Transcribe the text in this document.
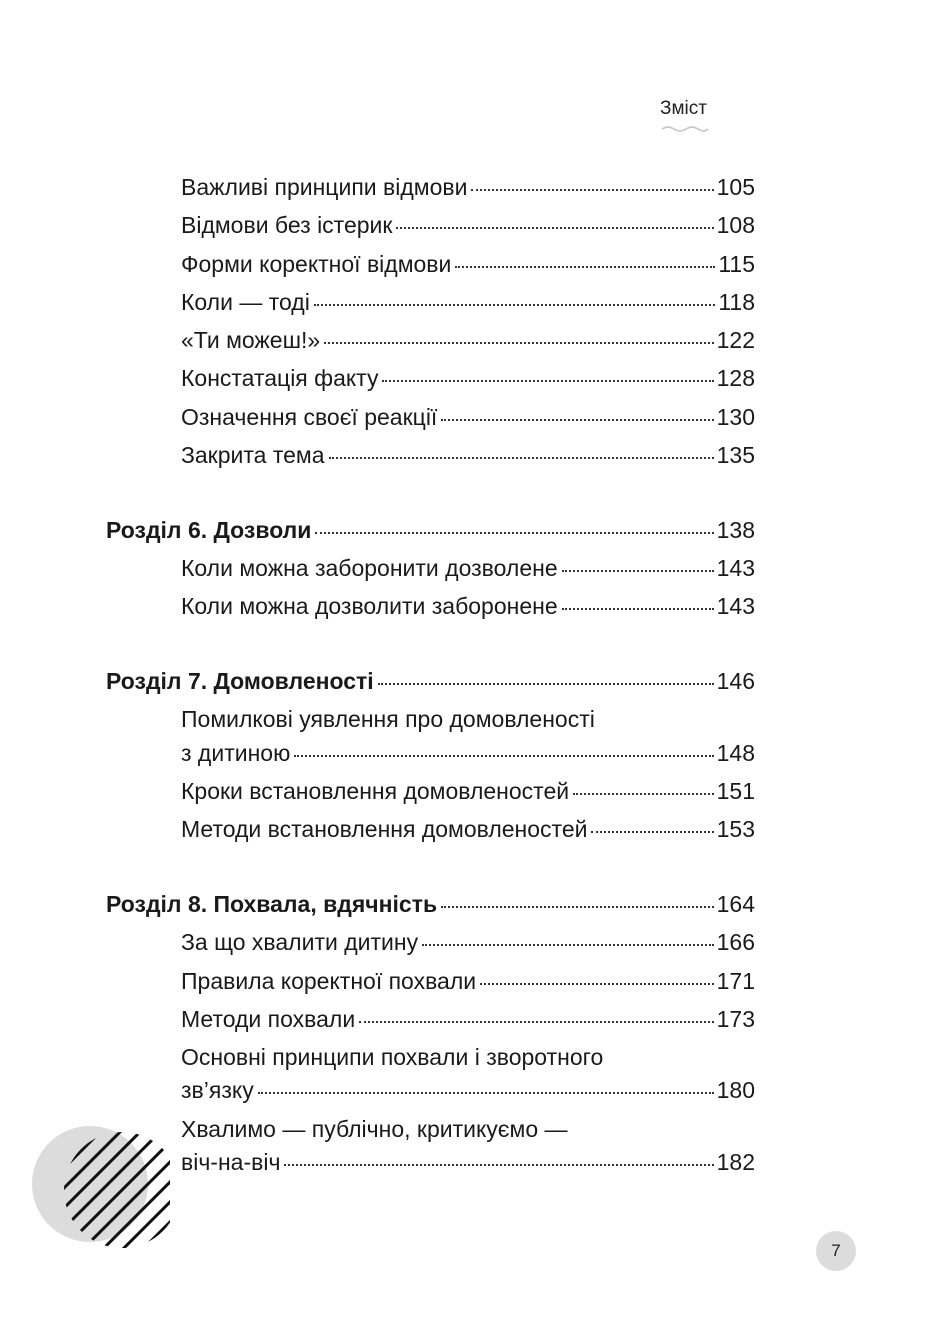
Зміст
Важливі принципи відмови	105
Відмови без істерик	108
Форми коректної відмови	115
Коли — тоді	118
«Ти можеш!»	122
Констатація факту	128
Означення своєї реакції	130
Закрита тема	135
Розділ 6. Дозволи	138
Коли можна заборонити дозволене	143
Коли можна дозволити заборонене	143
Розділ 7. Домовленості	146
Помилкові уявлення про домовленості
з дитиною	148
Кроки встановлення домовленостей	151
Методи встановлення домовленостей	153
Розділ 8. Похвала, вдячність	164
За що хвалити дитину	166
Правила коректної похвали	171
Методи похвали	173
Основні принципи похвали і зворотного
зв’язку	180
Хвалимо — публічно, критикуємо —
віч-на-віч	182
7
